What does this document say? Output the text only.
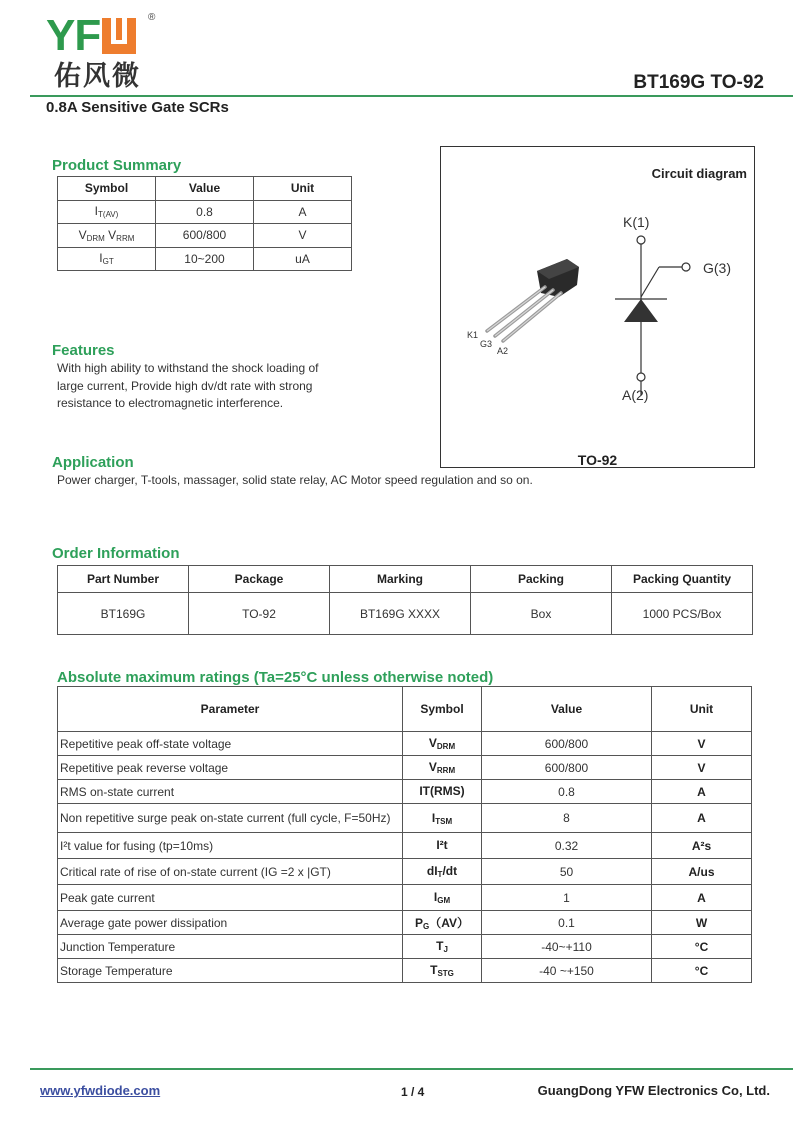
YF	®
佑风微	BT169G TO-92
0.8A Sensitive Gate SCRs
Product Summary
Symbol	Value	Unit
$I_{T(AV)}$	0.8	A
$V_{DRM}$ $V_{RRM}$	600/800	V
$I_{GT}$	10~200	uA
Circuit diagram
K1
G3
A2
K(1)
G(3)
A(2)
TO-92
Features
With high ability to withstand the shock loading of
large current, Provide high dv/dt rate with strong
resistance to electromagnetic interference.
Application
Power charger, T-tools, massager, solid state relay, AC Motor speed regulation and so on.
Order Information
Part Number	Package	Marking	Packing	Packing Quantity
BT169G	TO-92	BT169G XXXX	Box	1000 PCS/Box
Absolute maximum ratings (Ta=25°C unless otherwise noted)
Parameter	Symbol	Value	Unit
Repetitive peak off-state voltage	$V_{DRM}$	600/800	V
Repetitive peak reverse voltage	$V_{RRM}$	600/800	V
RMS on-state current	IT(RMS)	0.8	A
Non repetitive surge peak on-state current (full cycle, F=50Hz)	$I_{TSM}$	8	A
I²t value for fusing (tp=10ms)	I²t	0.32	A²s
Critical rate of rise of on-state current (IG =2 x |GT)	$dI_T/dt$	50	A/us
Peak gate current	$I_{GM}$	1	A
Average gate power dissipation	$P_G(AV)$	0.1	W
Junction Temperature	$T_J$	-40~+110	°C
Storage Temperature	$T_{STG}$	-40 ~+150	°C
www.yfwdiode.com	1 / 4	GuangDong YFW Electronics Co, Ltd.
